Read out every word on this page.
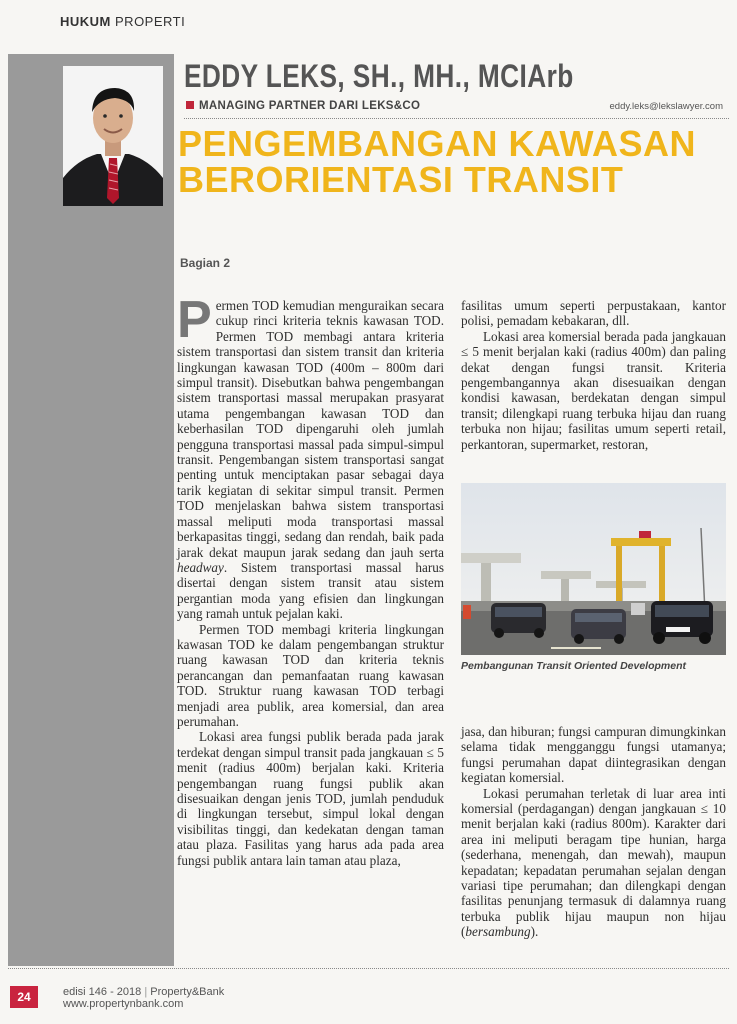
HUKUM PROPERTI
EDDY LEKS, SH., MH., MCIArb
MANAGING PARTNER DARI LEKS&CO	eddy.leks@lekslawyer.com
PENGEMBANGAN KAWASAN BERORIENTASI TRANSIT
Bagian 2

Permen TOD kemudian menguraikan secara cukup rinci kriteria teknis kawasan TOD. Permen TOD membagi antara kriteria sistem transportasi dan sistem transit dan kriteria lingkungan kawasan TOD (400m – 800m dari simpul transit). Disebutkan bahwa pengembangan sistem transportasi massal merupakan prasyarat utama pengembangan kawasan TOD dan keberhasilan TOD dipengaruhi oleh jumlah pengguna transportasi massal pada simpul-simpul transit. Pengembangan sistem transportasi sangat penting untuk menciptakan pasar sebagai daya tarik kegiatan di sekitar simpul transit. Permen TOD menjelaskan bahwa sistem transportasi massal meliputi moda transportasi massal berkapasitas tinggi, sedang dan rendah, baik pada jarak dekat maupun jarak sedang dan jauh serta headway. Sistem transportasi massal harus disertai dengan sistem transit atau sistem pergantian moda yang efisien dan lingkungan yang ramah untuk pejalan kaki.

Permen TOD membagi kriteria lingkungan kawasan TOD ke dalam pengembangan struktur ruang kawasan TOD dan kriteria teknis perancangan dan pemanfaatan ruang kawasan TOD. Struktur ruang kawasan TOD terbagi menjadi area publik, area komersial, dan area perumahan.

Lokasi area fungsi publik berada pada jarak terdekat dengan simpul transit pada jangkauan ≤ 5 menit (radius 400m) berjalan kaki. Kriteria pengembangan ruang fungsi publik akan disesuaikan dengan jenis TOD, jumlah penduduk di lingkungan tersebut, simpul lokal dengan visibilitas tinggi, dan kedekatan dengan taman atau plaza. Fasilitas yang harus ada pada area fungsi publik antara lain taman atau plaza,

fasilitas umum seperti perpustakaan, kantor polisi, pemadam kebakaran, dll.

Lokasi area komersial berada pada jangkauan ≤ 5 menit berjalan kaki (radius 400m) dan paling dekat dengan fungsi transit. Kriteria pengembangannya akan disesuaikan dengan kondisi kawasan, berdekatan dengan simpul transit; dilengkapi ruang terbuka hijau dan ruang terbuka non hijau; fasilitas umum seperti retail, perkantoran, supermarket, restoran,

Pembangunan Transit Oriented Development

jasa, dan hiburan; fungsi campuran dimungkinkan selama tidak mengganggu fungsi utamanya; fungsi perumahan dapat diintegrasikan dengan kegiatan komersial.

Lokasi perumahan terletak di luar area inti komersial (perdagangan) dengan jangkauan ≤ 10 menit berjalan kaki (radius 800m). Karakter dari area ini meliputi beragam tipe hunian, harga (sederhana, menengah, dan mewah), maupun kepadatan; kepadatan perumahan sejalan dengan variasi tipe perumahan; dan dilengkapi dengan fasilitas penunjang termasuk di dalamnya ruang terbuka publik hijau maupun non hijau (bersambung).

24	edisi 146 - 2018 | Property&Bank
www.propertynbank.com
